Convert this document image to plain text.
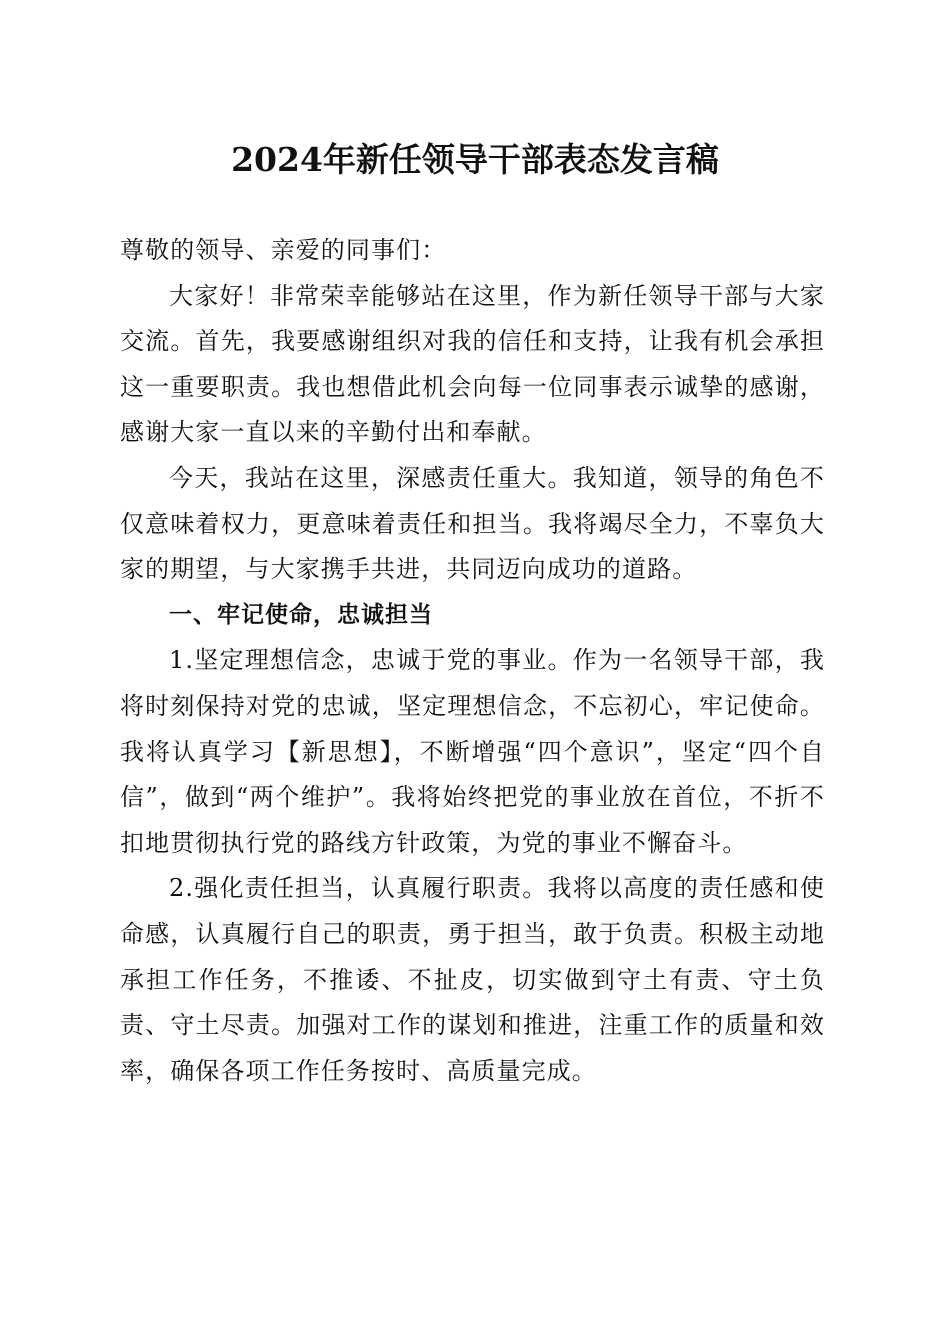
2024年新任领导干部表态发言稿

尊敬的领导、亲爱的同事们：

大家好！非常荣幸能够站在这里，作为新任领导干部与大家交流。首先，我要感谢组织对我的信任和支持，让我有机会承担这一重要职责。我也想借此机会向每一位同事表示诚挚的感谢，感谢大家一直以来的辛勤付出和奉献。

今天，我站在这里，深感责任重大。我知道，领导的角色不仅意味着权力，更意味着责任和担当。我将竭尽全力，不辜负大家的期望，与大家携手共进，共同迈向成功的道路。

一、牢记使命，忠诚担当

1.坚定理想信念，忠诚于党的事业。作为一名领导干部，我将时刻保持对党的忠诚，坚定理想信念，不忘初心，牢记使命。我将认真学习【新思想】，不断增强“四个意识”，坚定“四个自信”，做到“两个维护”。我将始终把党的事业放在首位，不折不扣地贯彻执行党的路线方针政策，为党的事业不懈奋斗。

2.强化责任担当，认真履行职责。我将以高度的责任感和使命感，认真履行自己的职责，勇于担当，敢于负责。积极主动地承担工作任务，不推诿、不扯皮，切实做到守土有责、守土负责、守土尽责。加强对工作的谋划和推进，注重工作的质量和效率，确保各项工作任务按时、高质量完成。
